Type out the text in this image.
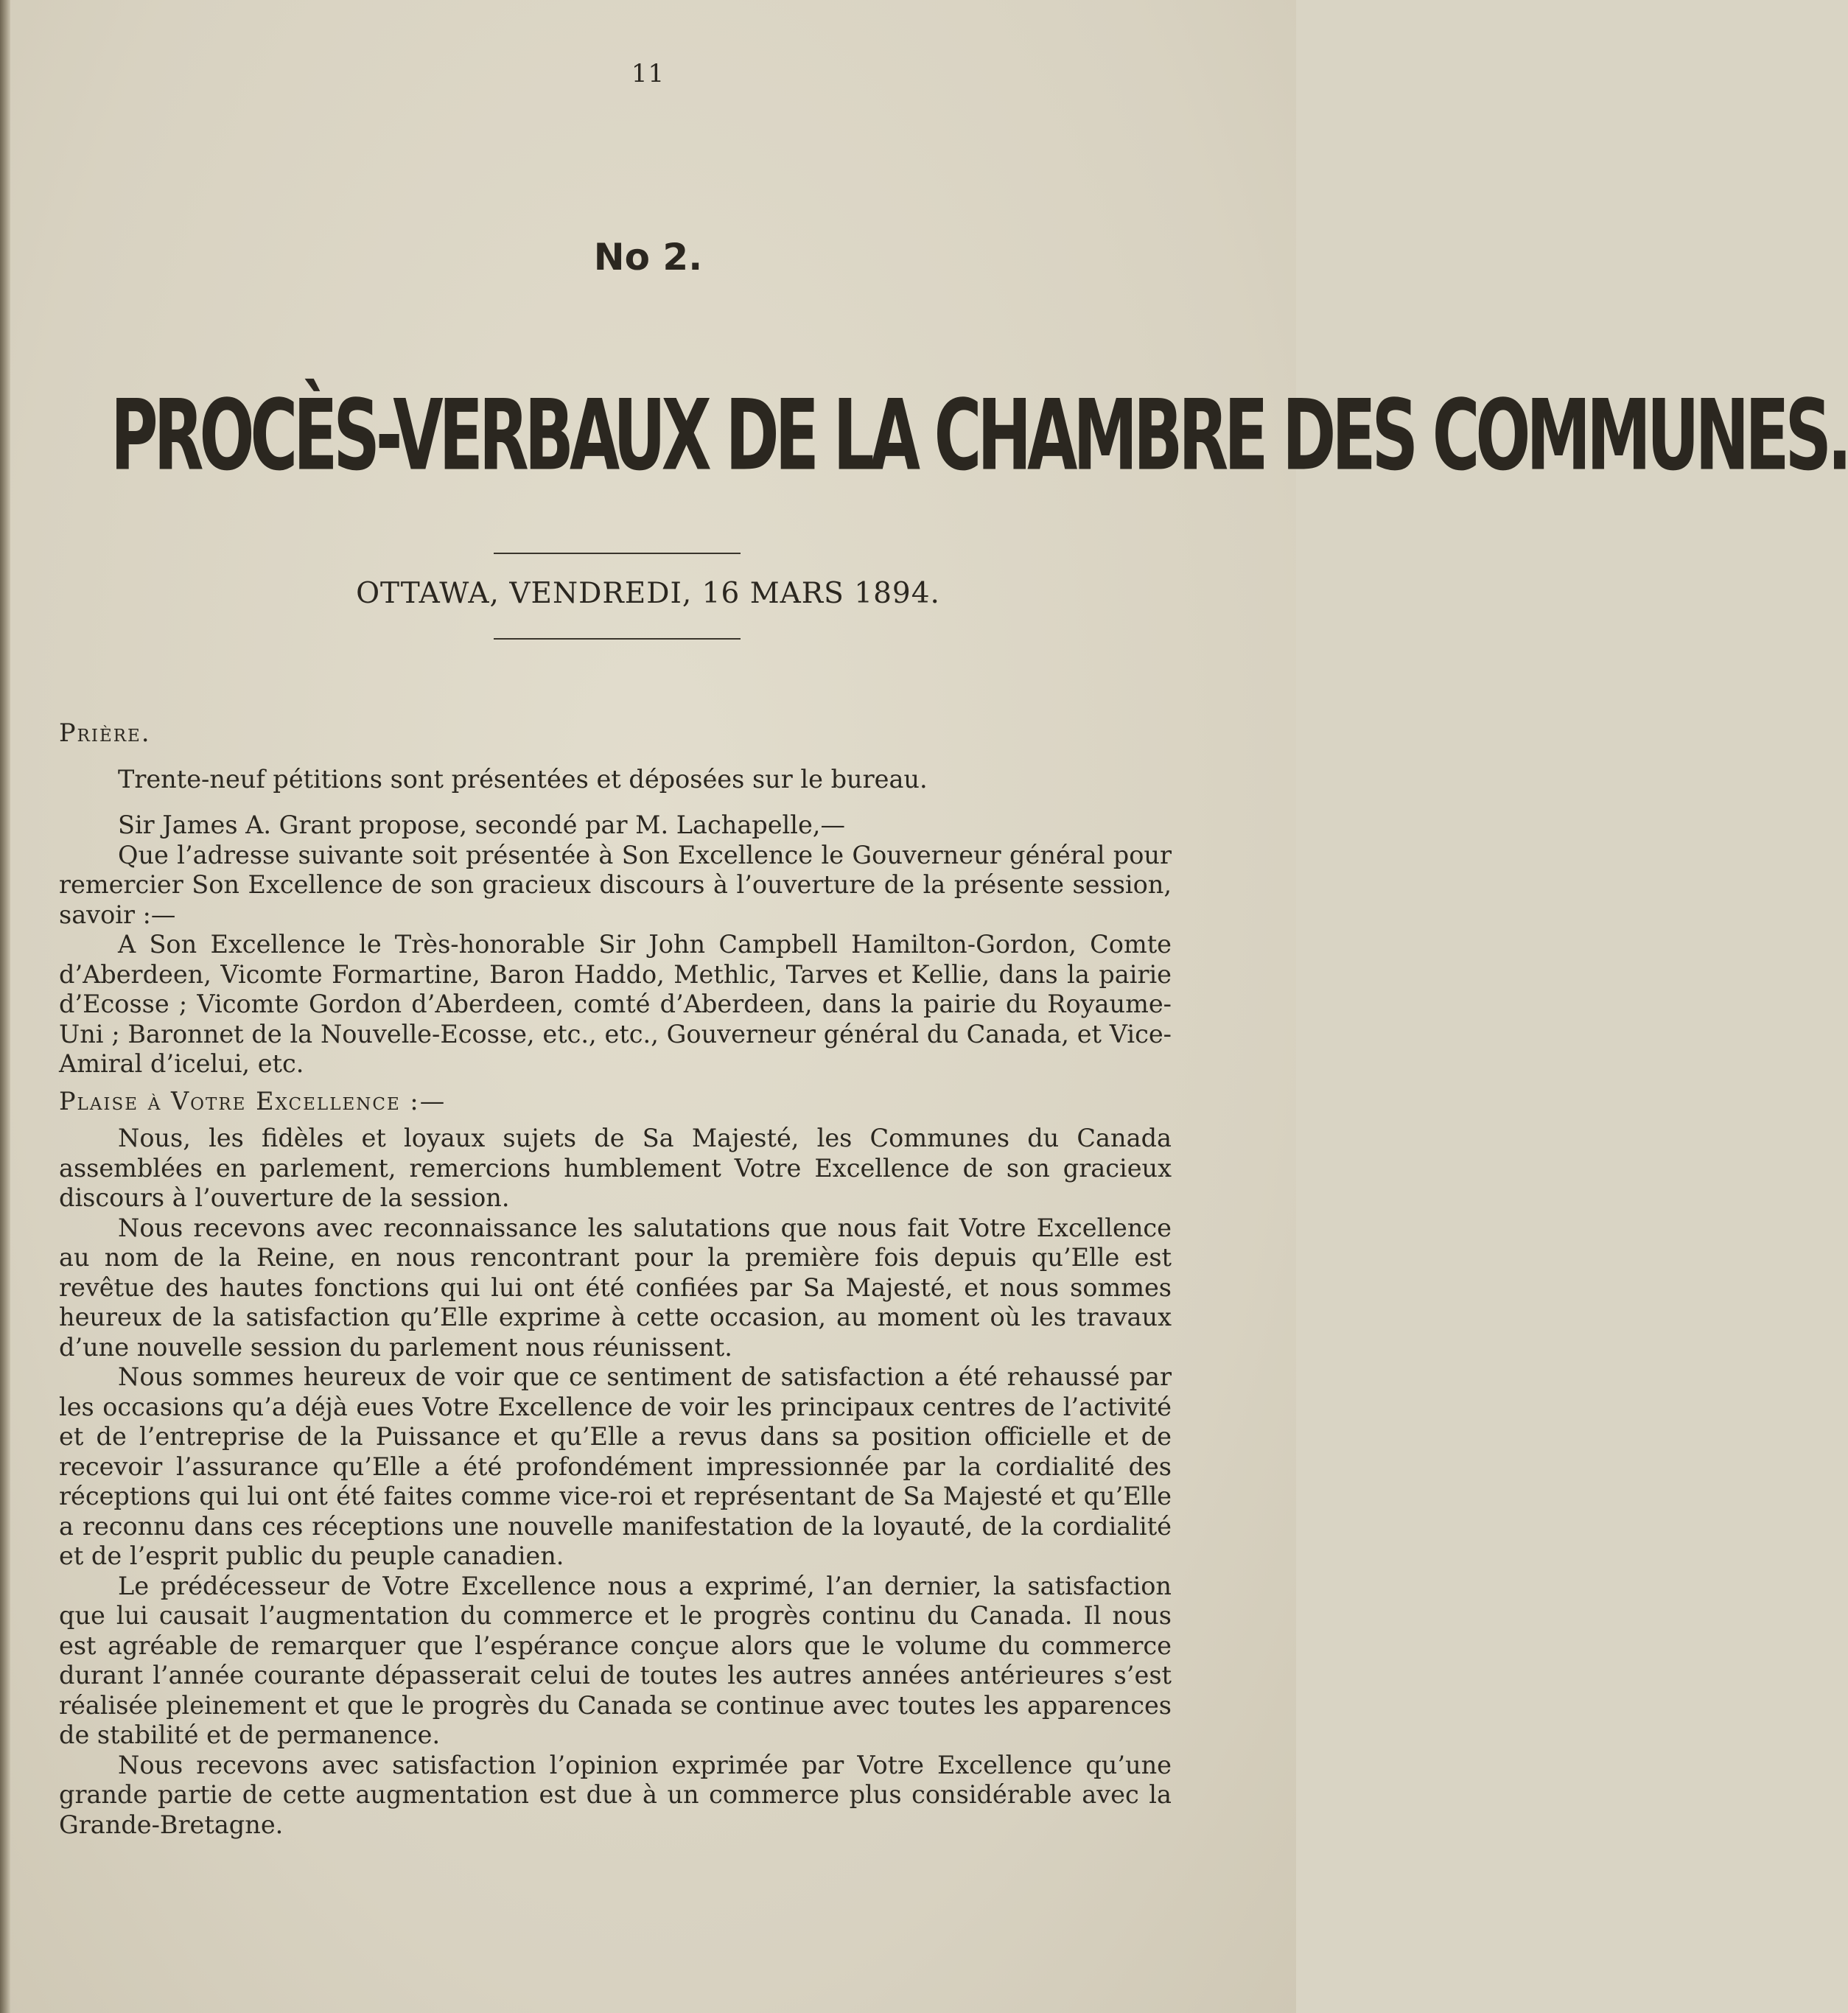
11
No 2.
PROCÈS-VERBAUX DE LA CHAMBRE DES COMMUNES.
OTTAWA, VENDREDI, 16 MARS 1894.

Prière.

Trente-neuf pétitions sont présentées et déposées sur le bureau.

Sir James A. Grant propose, secondé par M. Lachapelle,—

Que l’adresse suivante soit présentée à Son Excellence le Gouverneur général pour remercier Son Excellence de son gracieux discours à l’ouverture de la présente session, savoir :—

A Son Excellence le Très-honorable Sir John Campbell Hamilton-Gordon, Comte d’Aberdeen, Vicomte Formartine, Baron Haddo, Methlic, Tarves et Kellie, dans la pairie d’Ecosse ; Vicomte Gordon d’Aberdeen, comté d’Aberdeen, dans la pairie du Royaume-Uni ; Baronnet de la Nouvelle-Ecosse, etc., etc., Gouverneur général du Canada, et Vice-Amiral d’icelui, etc.

Plaise à Votre Excellence :—

Nous, les fidèles et loyaux sujets de Sa Majesté, les Communes du Canada assemblées en parlement, remercions humblement Votre Excellence de son gracieux discours à l’ouverture de la session.

Nous recevons avec reconnaissance les salutations que nous fait Votre Excellence au nom de la Reine, en nous rencontrant pour la première fois depuis qu’Elle est revêtue des hautes fonctions qui lui ont été confiées par Sa Majesté, et nous sommes heureux de la satisfaction qu’Elle exprime à cette occasion, au moment où les travaux d’une nouvelle session du parlement nous réunissent.

Nous sommes heureux de voir que ce sentiment de satisfaction a été rehaussé par les occasions qu’a déjà eues Votre Excellence de voir les principaux centres de l’activité et de l’entreprise de la Puissance et qu’Elle a revus dans sa position officielle et de recevoir l’assurance qu’Elle a été profondément impressionnée par la cordialité des réceptions qui lui ont été faites comme vice-roi et représentant de Sa Majesté et qu’Elle a reconnu dans ces réceptions une nouvelle manifestation de la loyauté, de la cordialité et de l’esprit public du peuple canadien.

Le prédécesseur de Votre Excellence nous a exprimé, l’an dernier, la satisfaction que lui causait l’augmentation du commerce et le progrès continu du Canada. Il nous est agréable de remarquer que l’espérance conçue alors que le volume du commerce durant l’année courante dépasserait celui de toutes les autres années antérieures s’est réalisée pleinement et que le progrès du Canada se continue avec toutes les apparences de stabilité et de permanence.

Nous recevons avec satisfaction l’opinion exprimée par Votre Excellence qu’une grande partie de cette augmentation est due à un commerce plus considérable avec la Grande-Bretagne.
